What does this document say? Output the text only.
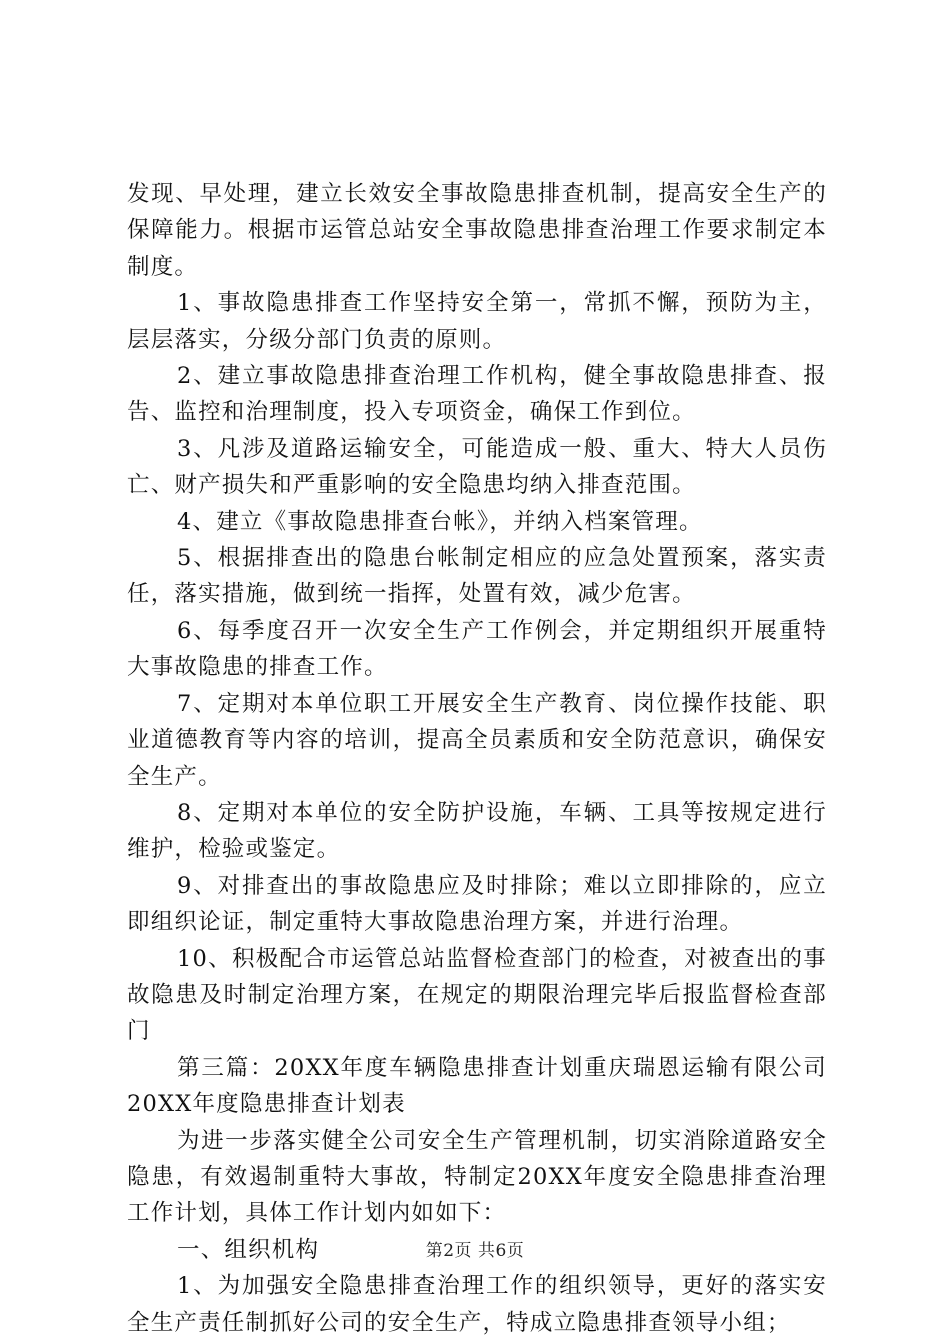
发现、早处理，建立长效安全事故隐患排查机制，提高安全生产的保障能力。根据市运管总站安全事故隐患排查治理工作要求制定本制度。

1、事故隐患排查工作坚持安全第一，常抓不懈，预防为主，层层落实，分级分部门负责的原则。

2、建立事故隐患排查治理工作机构，健全事故隐患排查、报告、监控和治理制度，投入专项资金，确保工作到位。

3、凡涉及道路运输安全，可能造成一般、重大、特大人员伤亡、财产损失和严重影响的安全隐患均纳入排查范围。

4、建立《事故隐患排查台帐》，并纳入档案管理。

5、根据排查出的隐患台帐制定相应的应急处置预案，落实责任，落实措施，做到统一指挥，处置有效，减少危害。

6、每季度召开一次安全生产工作例会，并定期组织开展重特大事故隐患的排查工作。

7、定期对本单位职工开展安全生产教育、岗位操作技能、职业道德教育等内容的培训，提高全员素质和安全防范意识，确保安全生产。

8、定期对本单位的安全防护设施，车辆、工具等按规定进行维护，检验或鉴定。

9、对排查出的事故隐患应及时排除；难以立即排除的，应立即组织论证，制定重特大事故隐患治理方案，并进行治理。

10、积极配合市运管总站监督检查部门的检查，对被查出的事故隐患及时制定治理方案，在规定的期限治理完毕后报监督检查部门

第三篇：20XX年度车辆隐患排查计划重庆瑞恩运输有限公司20XX年度隐患排查计划表

为进一步落实健全公司安全生产管理机制，切实消除道路安全隐患，有效遏制重特大事故，特制定20XX年度安全隐患排查治理工作计划，具体工作计划内如如下：

一、组织机构

1、为加强安全隐患排查治理工作的组织领导，更好的落实安全生产责任制抓好公司的安全生产，特成立隐患排查领导小组；

第2页 共6页
